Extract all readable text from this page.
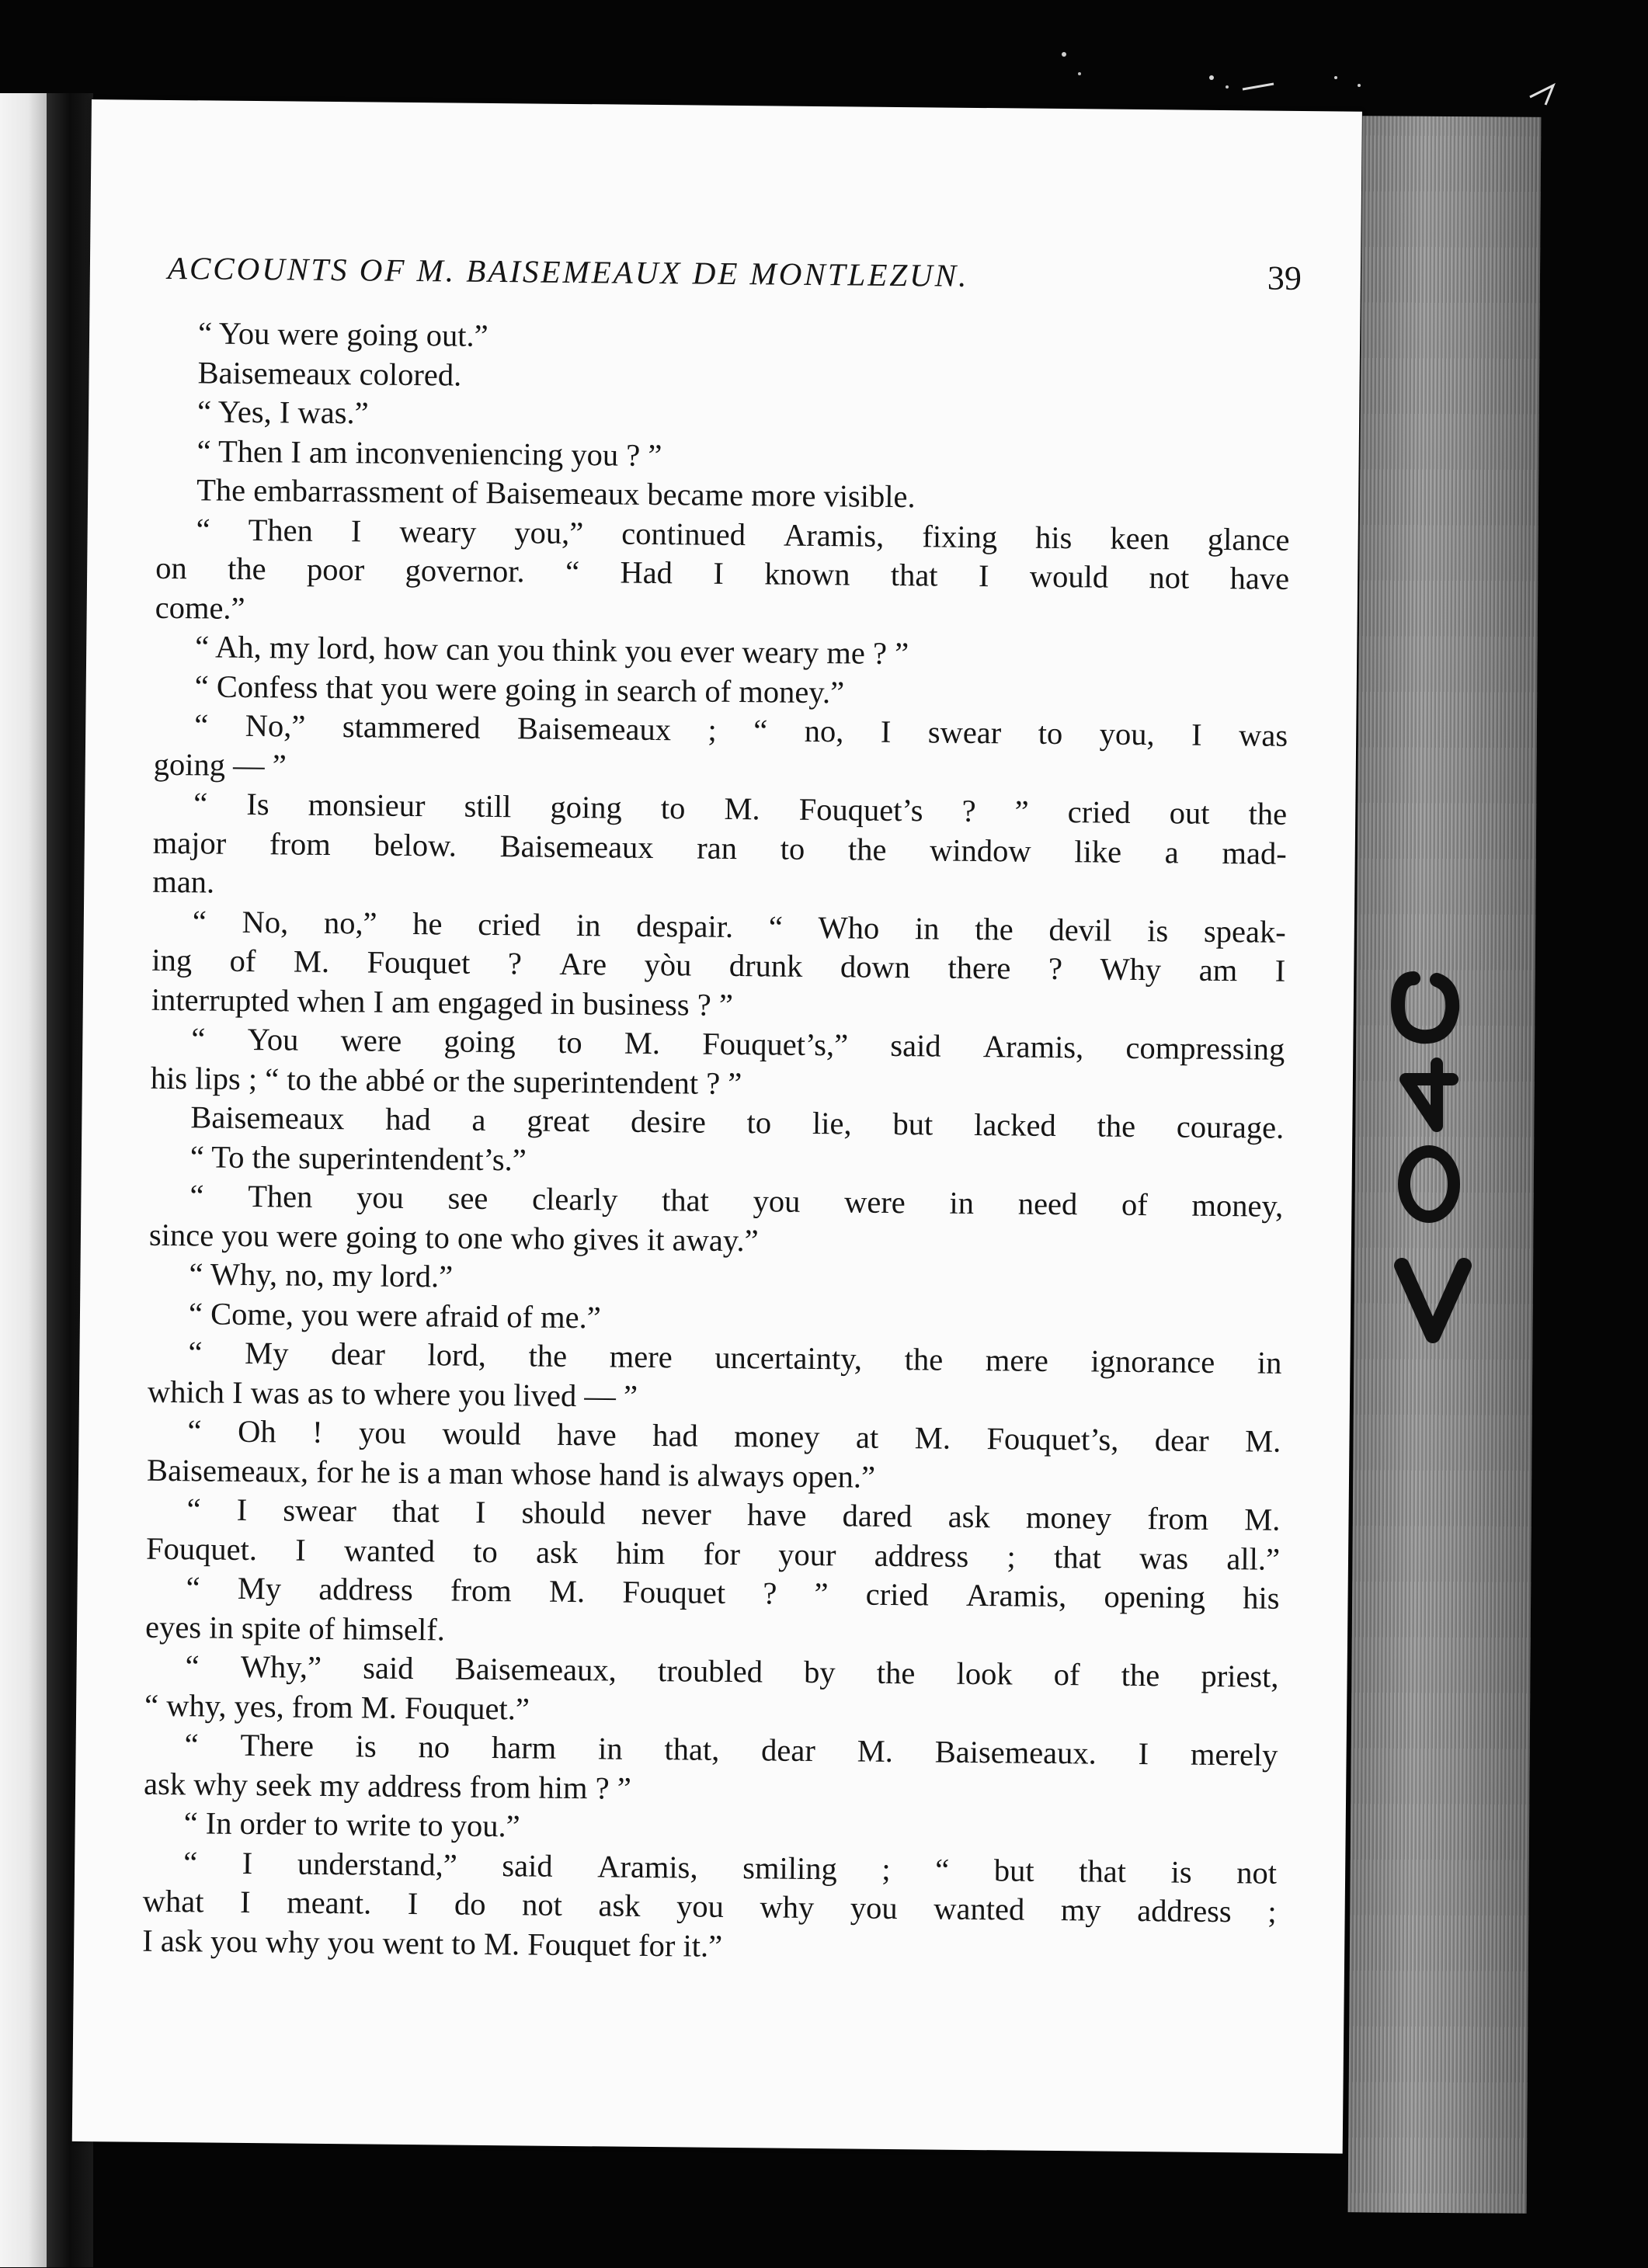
ACCOUNTS OF M. BAISEMEAUX DE MONTLEZUN.	39
“ You were going out.”
Baisemeaux colored.
“ Yes, I was.”
“ Then I am inconveniencing you ? ”
The embarrassment of Baisemeaux became more visible.
“ Then I weary you,” continued Aramis, fixing his keen glance
on the poor governor. “ Had I known that I would not have
come.”
“ Ah, my lord, how can you think you ever weary me ? ”
“ Confess that you were going in search of money.”
“ No,” stammered Baisemeaux ; “ no, I swear to you, I was
going — ”
“ Is monsieur still going to M. Fouquet’s ? ” cried out the
major from below. Baisemeaux ran to the window like a mad-
man.
“ No, no,” he cried in despair. “ Who in the devil is speak-
ing of M. Fouquet ? Are yòu drunk down there ? Why am I
interrupted when I am engaged in business ? ”
“ You were going to M. Fouquet’s,” said Aramis, compressing
his lips ; “ to the abbé or the superintendent ? ”
Baisemeaux had a great desire to lie, but lacked the courage.
“ To the superintendent’s.”
“ Then you see clearly that you were in need of money,
since you were going to one who gives it away.”
“ Why, no, my lord.”
“ Come, you were afraid of me.”
“ My dear lord, the mere uncertainty, the mere ignorance in
which I was as to where you lived — ”
“ Oh ! you would have had money at M. Fouquet’s, dear M.
Baisemeaux, for he is a man whose hand is always open.”
“ I swear that I should never have dared ask money from M.
Fouquet. I wanted to ask him for your address ; that was all.”
“ My address from M. Fouquet ? ” cried Aramis, opening his
eyes in spite of himself.
“ Why,” said Baisemeaux, troubled by the look of the priest,
“ why, yes, from M. Fouquet.”
“ There is no harm in that, dear M. Baisemeaux. I merely
ask why seek my address from him ? ”
“ In order to write to you.”
“ I understand,” said Aramis, smiling ; “ but that is not
what I meant. I do not ask you why you wanted my address ;
I ask you why you went to M. Fouquet for it.”
